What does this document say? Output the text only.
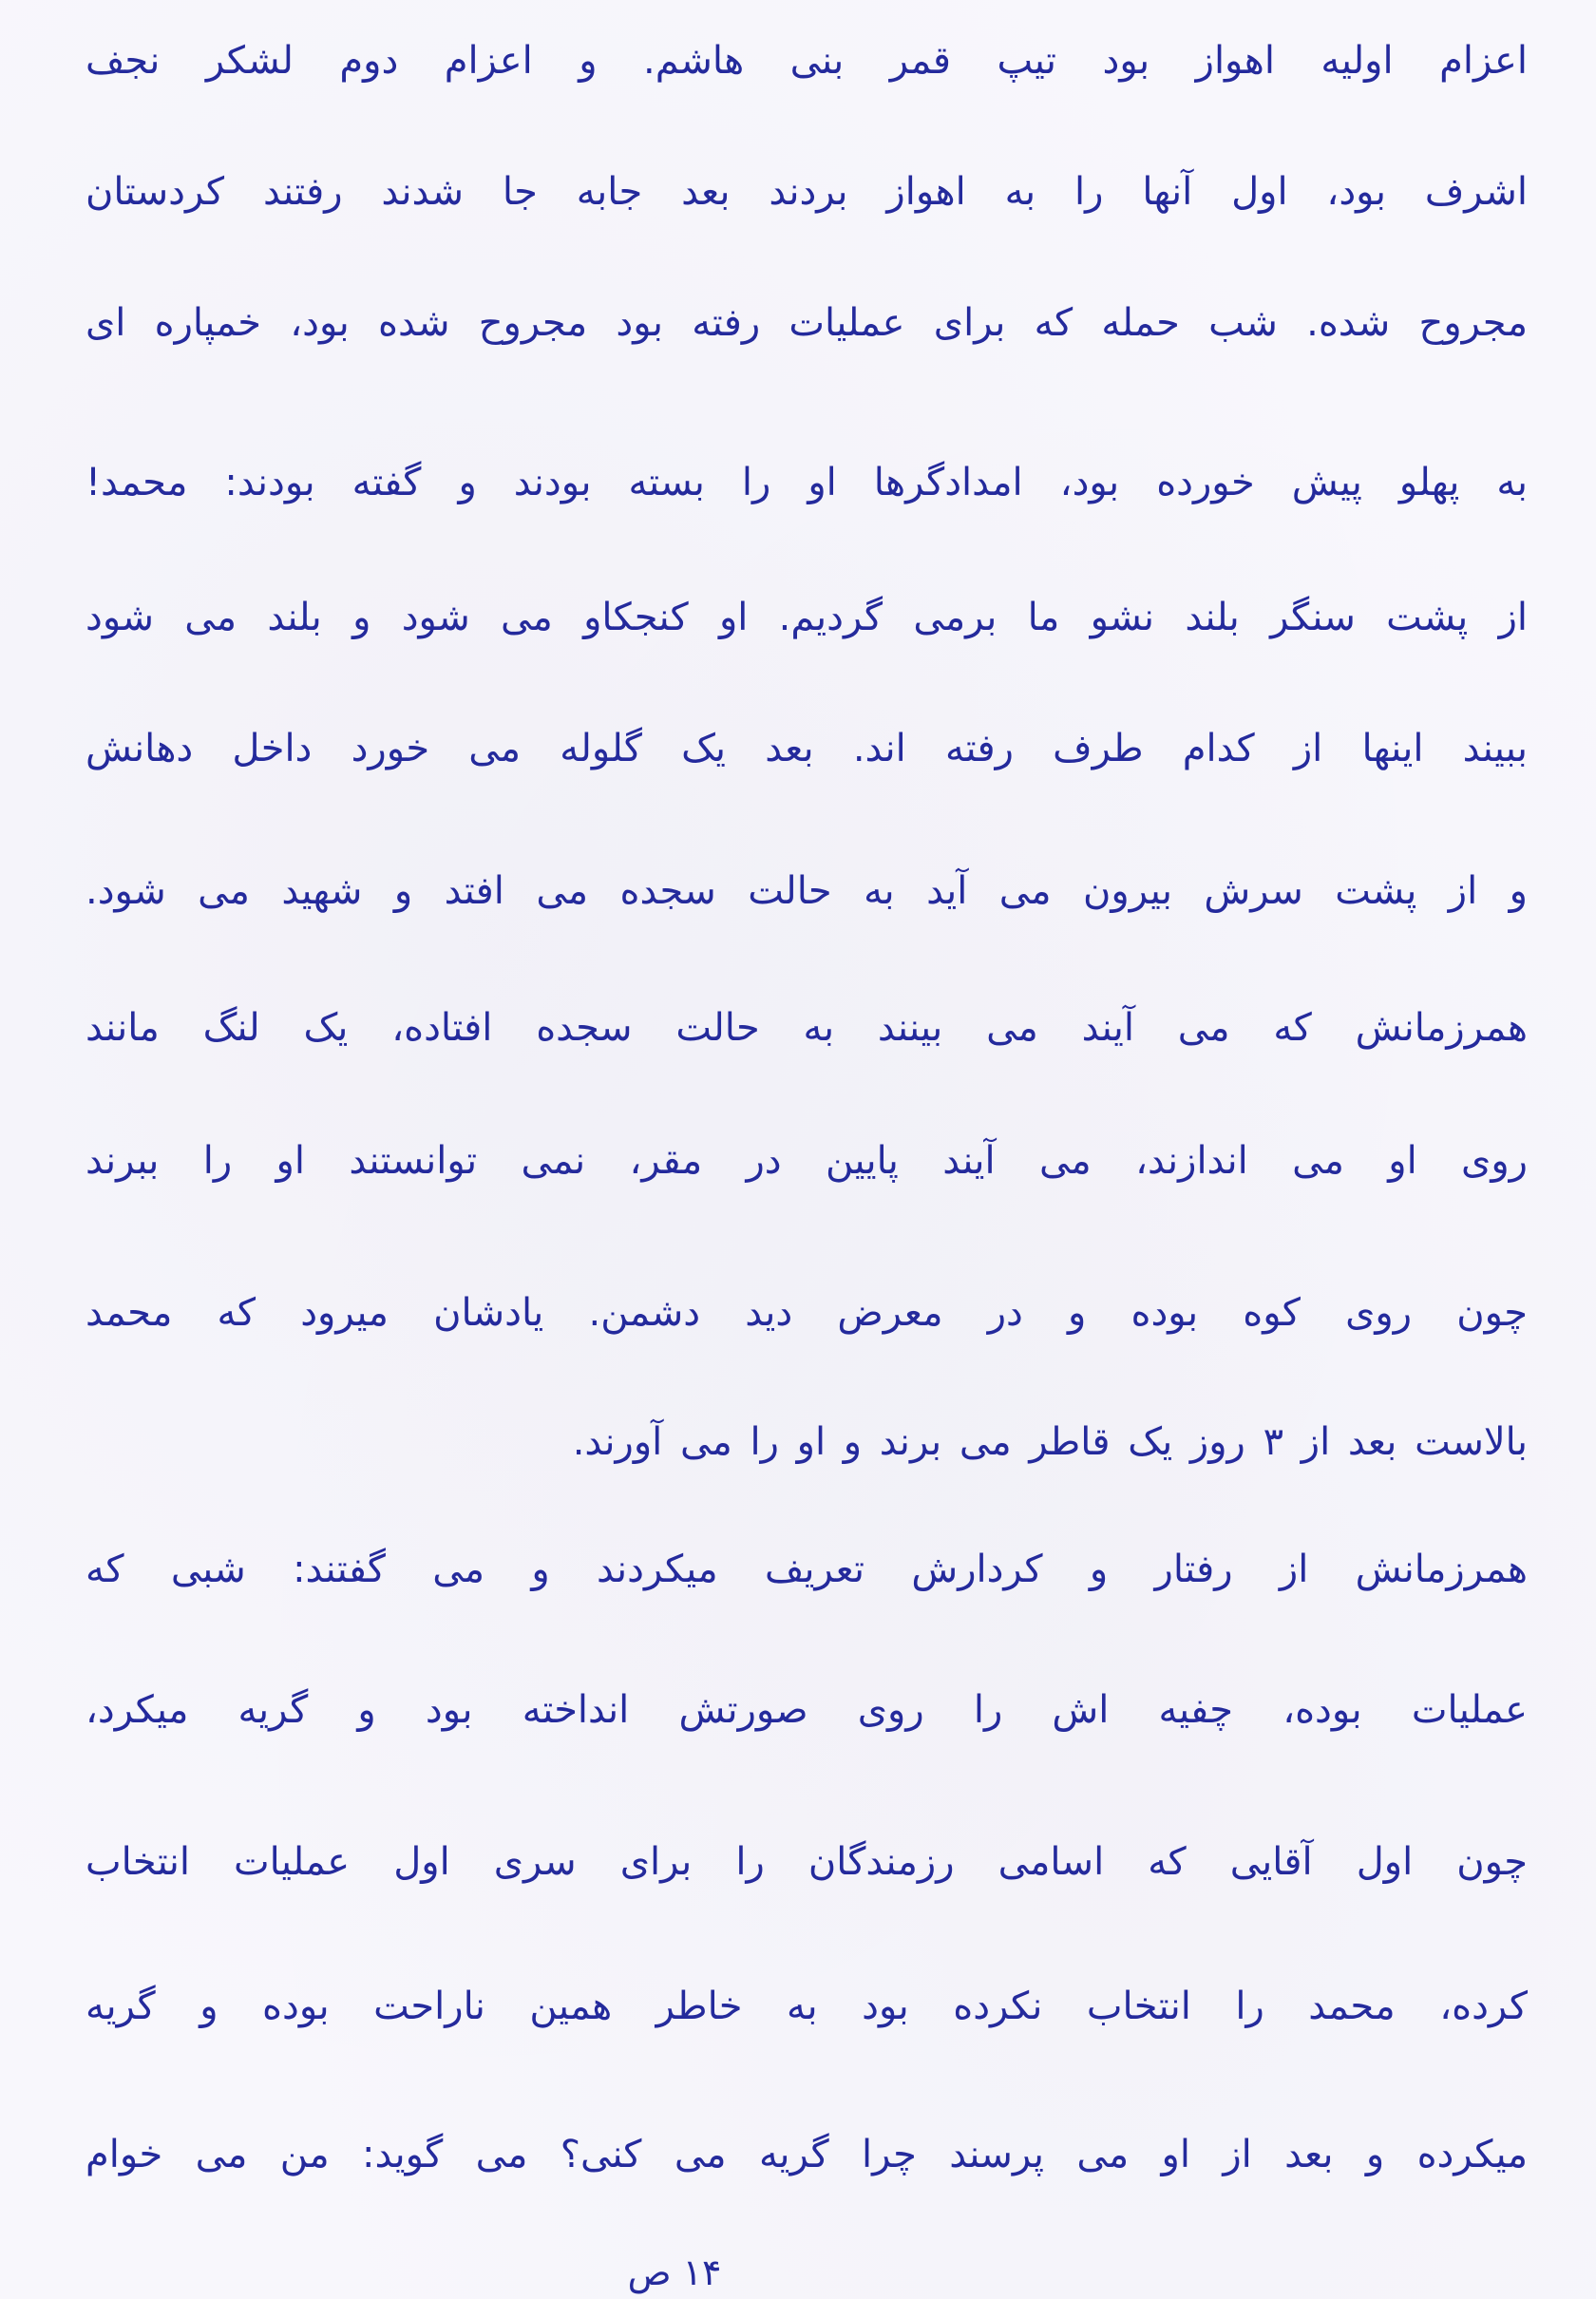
اعزام اولیه اهواز بود تیپ قمر بنی هاشم. و اعزام دوم لشکر نجف
اشرف بود، اول آنها را به اهواز بردند بعد جابه جا شدند رفتند کردستان
مجروح شده. شب حمله که برای عملیات رفته بود مجروح شده بود، خمپاره ای
به پهلو پیش خورده بود، امدادگرها او را بسته بودند و گفته بودند: محمد!
از پشت سنگر بلند نشو ما برمی گردیم. او کنجکاو می شود و بلند می شود
ببیند اینها از کدام طرف رفته اند. بعد یک گلوله می خورد داخل دهانش
و از پشت سرش بیرون می آید به حالت سجده می افتد و شهید می شود.
همرزمانش که می آیند می بینند به حالت سجده افتاده، یک لنگ مانند
روی او می اندازند، می آیند پایین در مقر، نمی توانستند او را ببرند
چون روی کوه بوده و در معرض دید دشمن. یادشان میرود که محمد
بالاست بعد از ۳ روز یک قاطر می برند و او را می آورند.
همرزمانش از رفتار و کردارش تعریف میکردند و می گفتند: شبی که
عملیات بوده، چفیه اش را روی صورتش انداخته بود و گریه میکرد،
چون اول آقایی که اسامی رزمندگان را برای سری اول عملیات انتخاب
کرده، محمد را انتخاب نکرده بود به خاطر همین ناراحت بوده و گریه
میکرده و بعد از او می پرسند چرا گریه می کنی؟ می گوید: من می خوام
۱۴ ص
